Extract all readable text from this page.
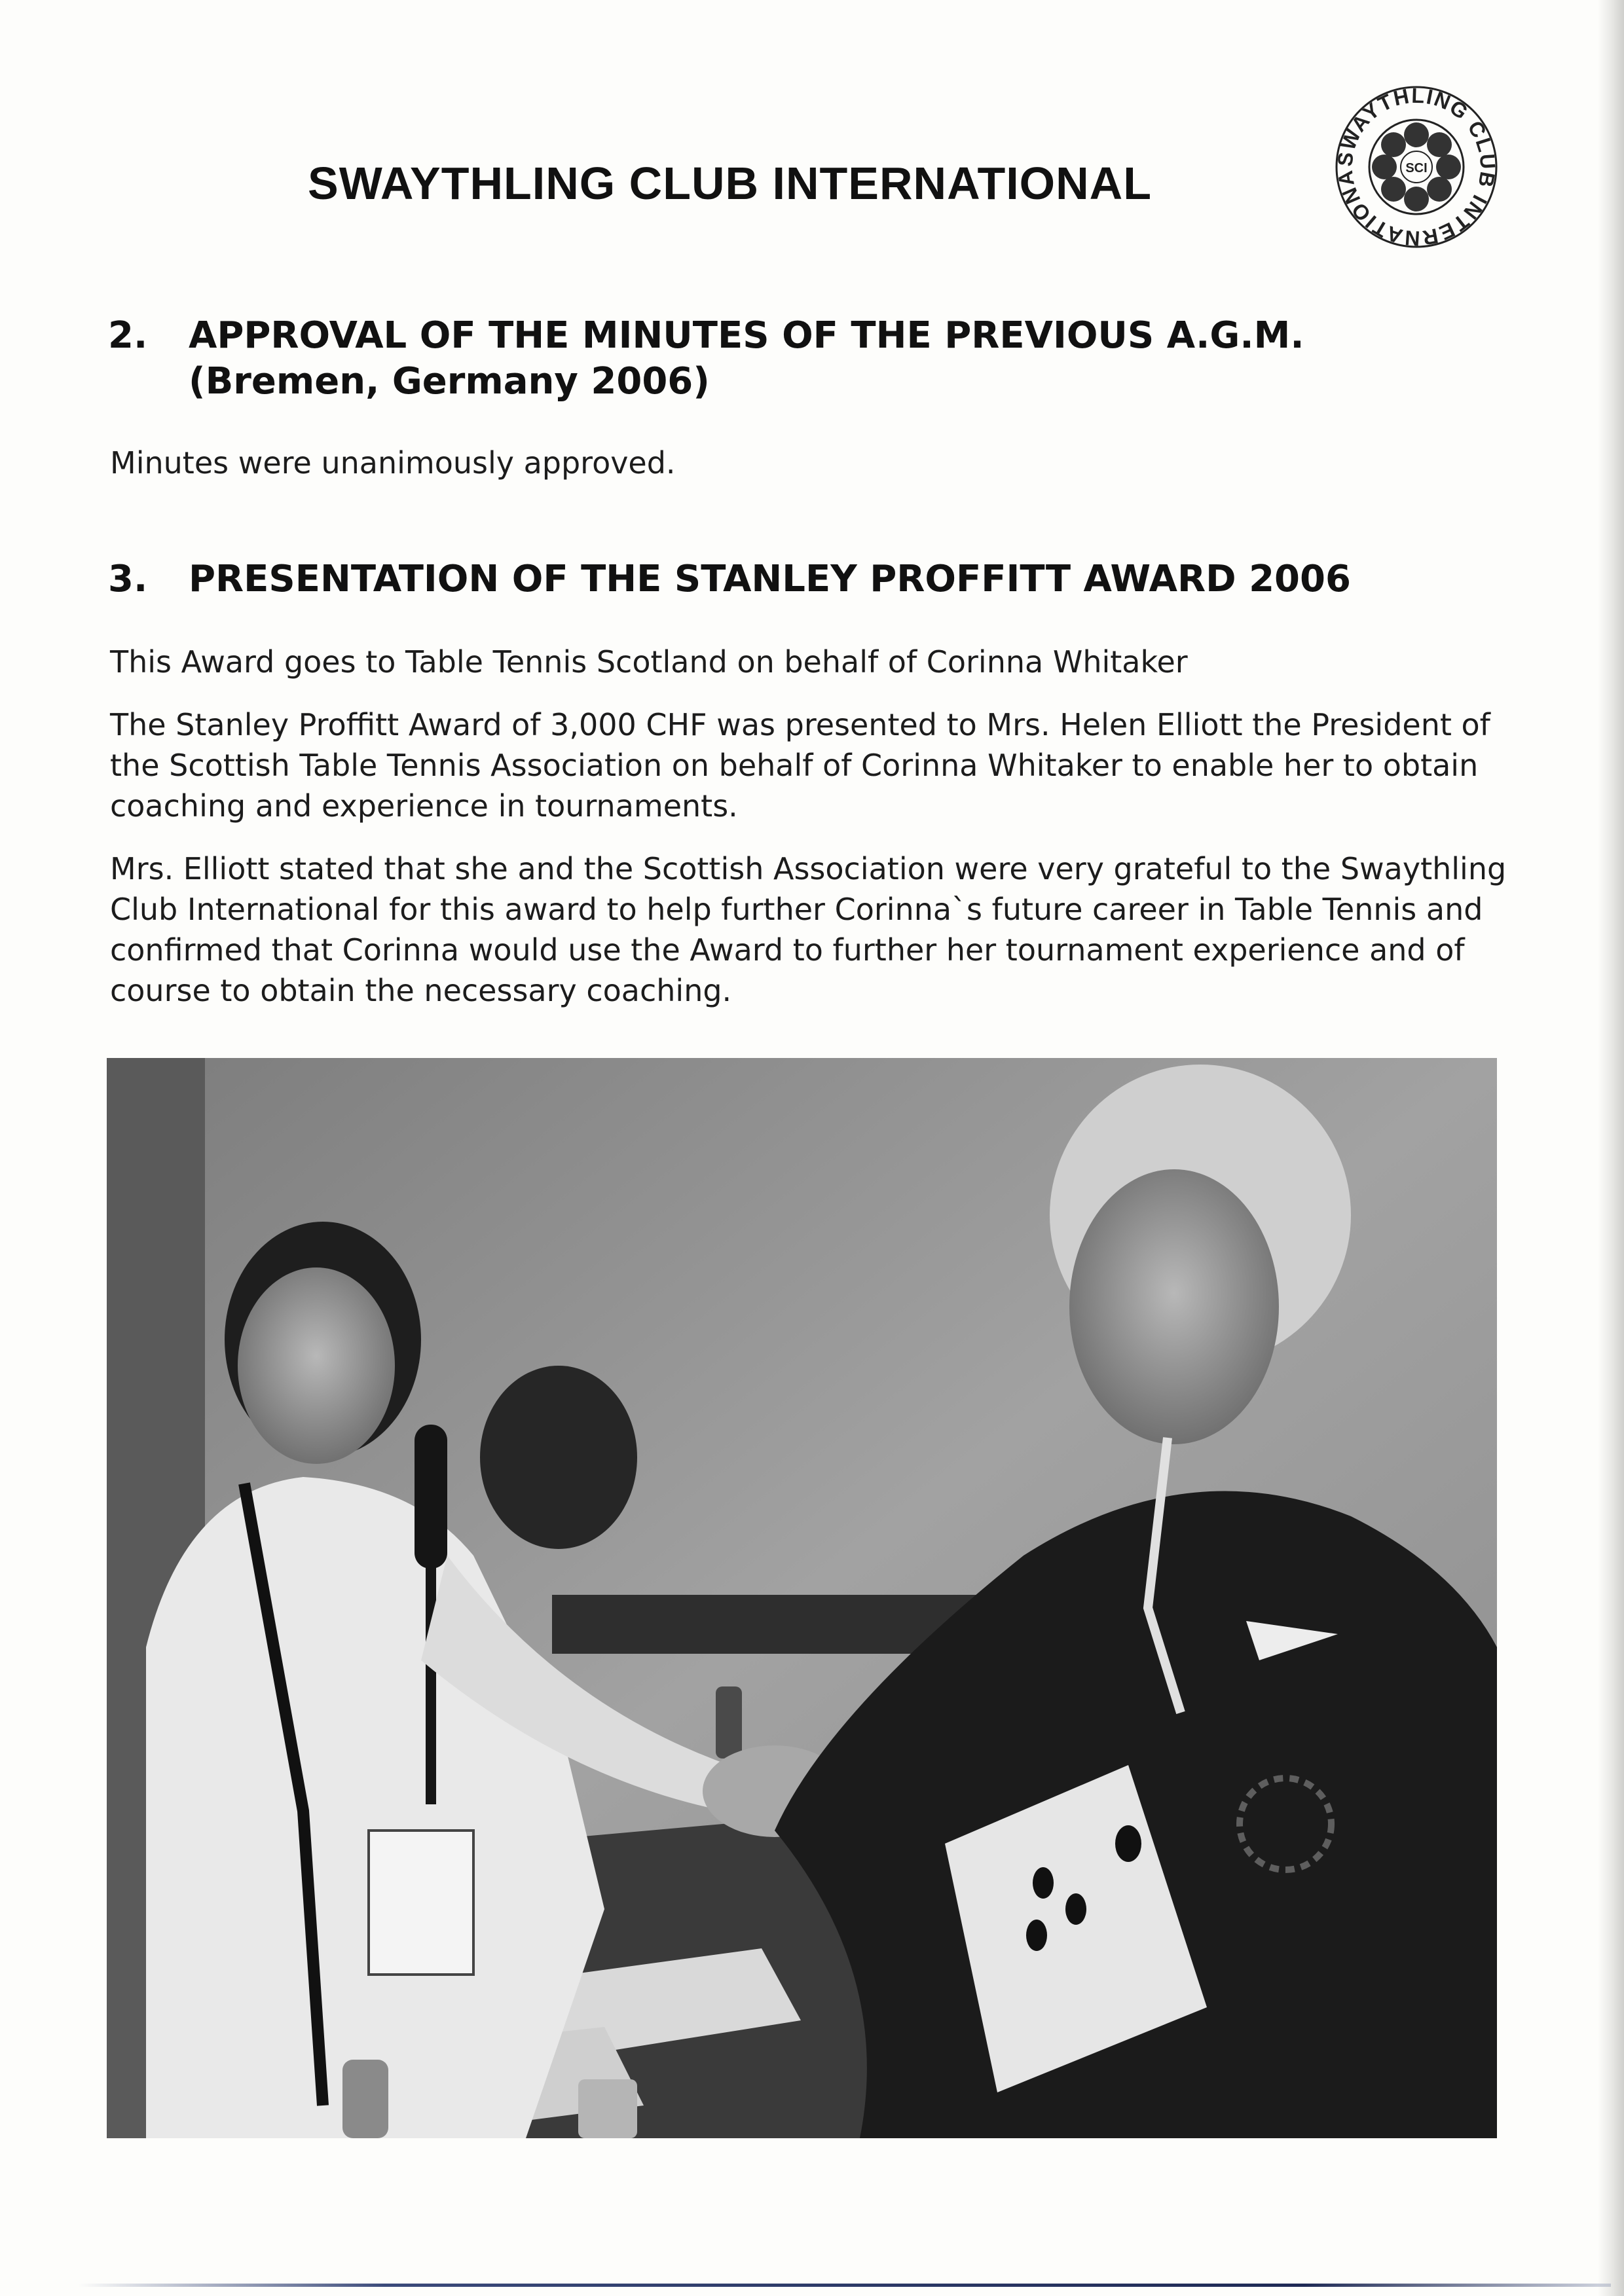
SWAYTHLING CLUB INTERNATIONAL	SWAYTHLING CLUB INTERNATIONA	SCI
2. APPROVAL OF THE MINUTES OF THE PREVIOUS A.G.M.
(Bremen, Germany 2006)

Minutes were unanimously approved.

3. PRESENTATION OF THE STANLEY PROFFITT AWARD 2006

This Award goes to Table Tennis Scotland on behalf of Corinna Whitaker

The Stanley Proffitt Award of 3,000 CHF was presented to Mrs. Helen Elliott the President of the Scottish Table Tennis Association on behalf of Corinna Whitaker to enable her to obtain coaching and experience in tournaments.

Mrs. Elliott stated that she and the Scottish Association were very grateful to the Swaythling Club International for this award to help further Corinna`s future career in Table Tennis and confirmed that Corinna would use the Award to further her tournament experience and of course to obtain the necessary coaching.
